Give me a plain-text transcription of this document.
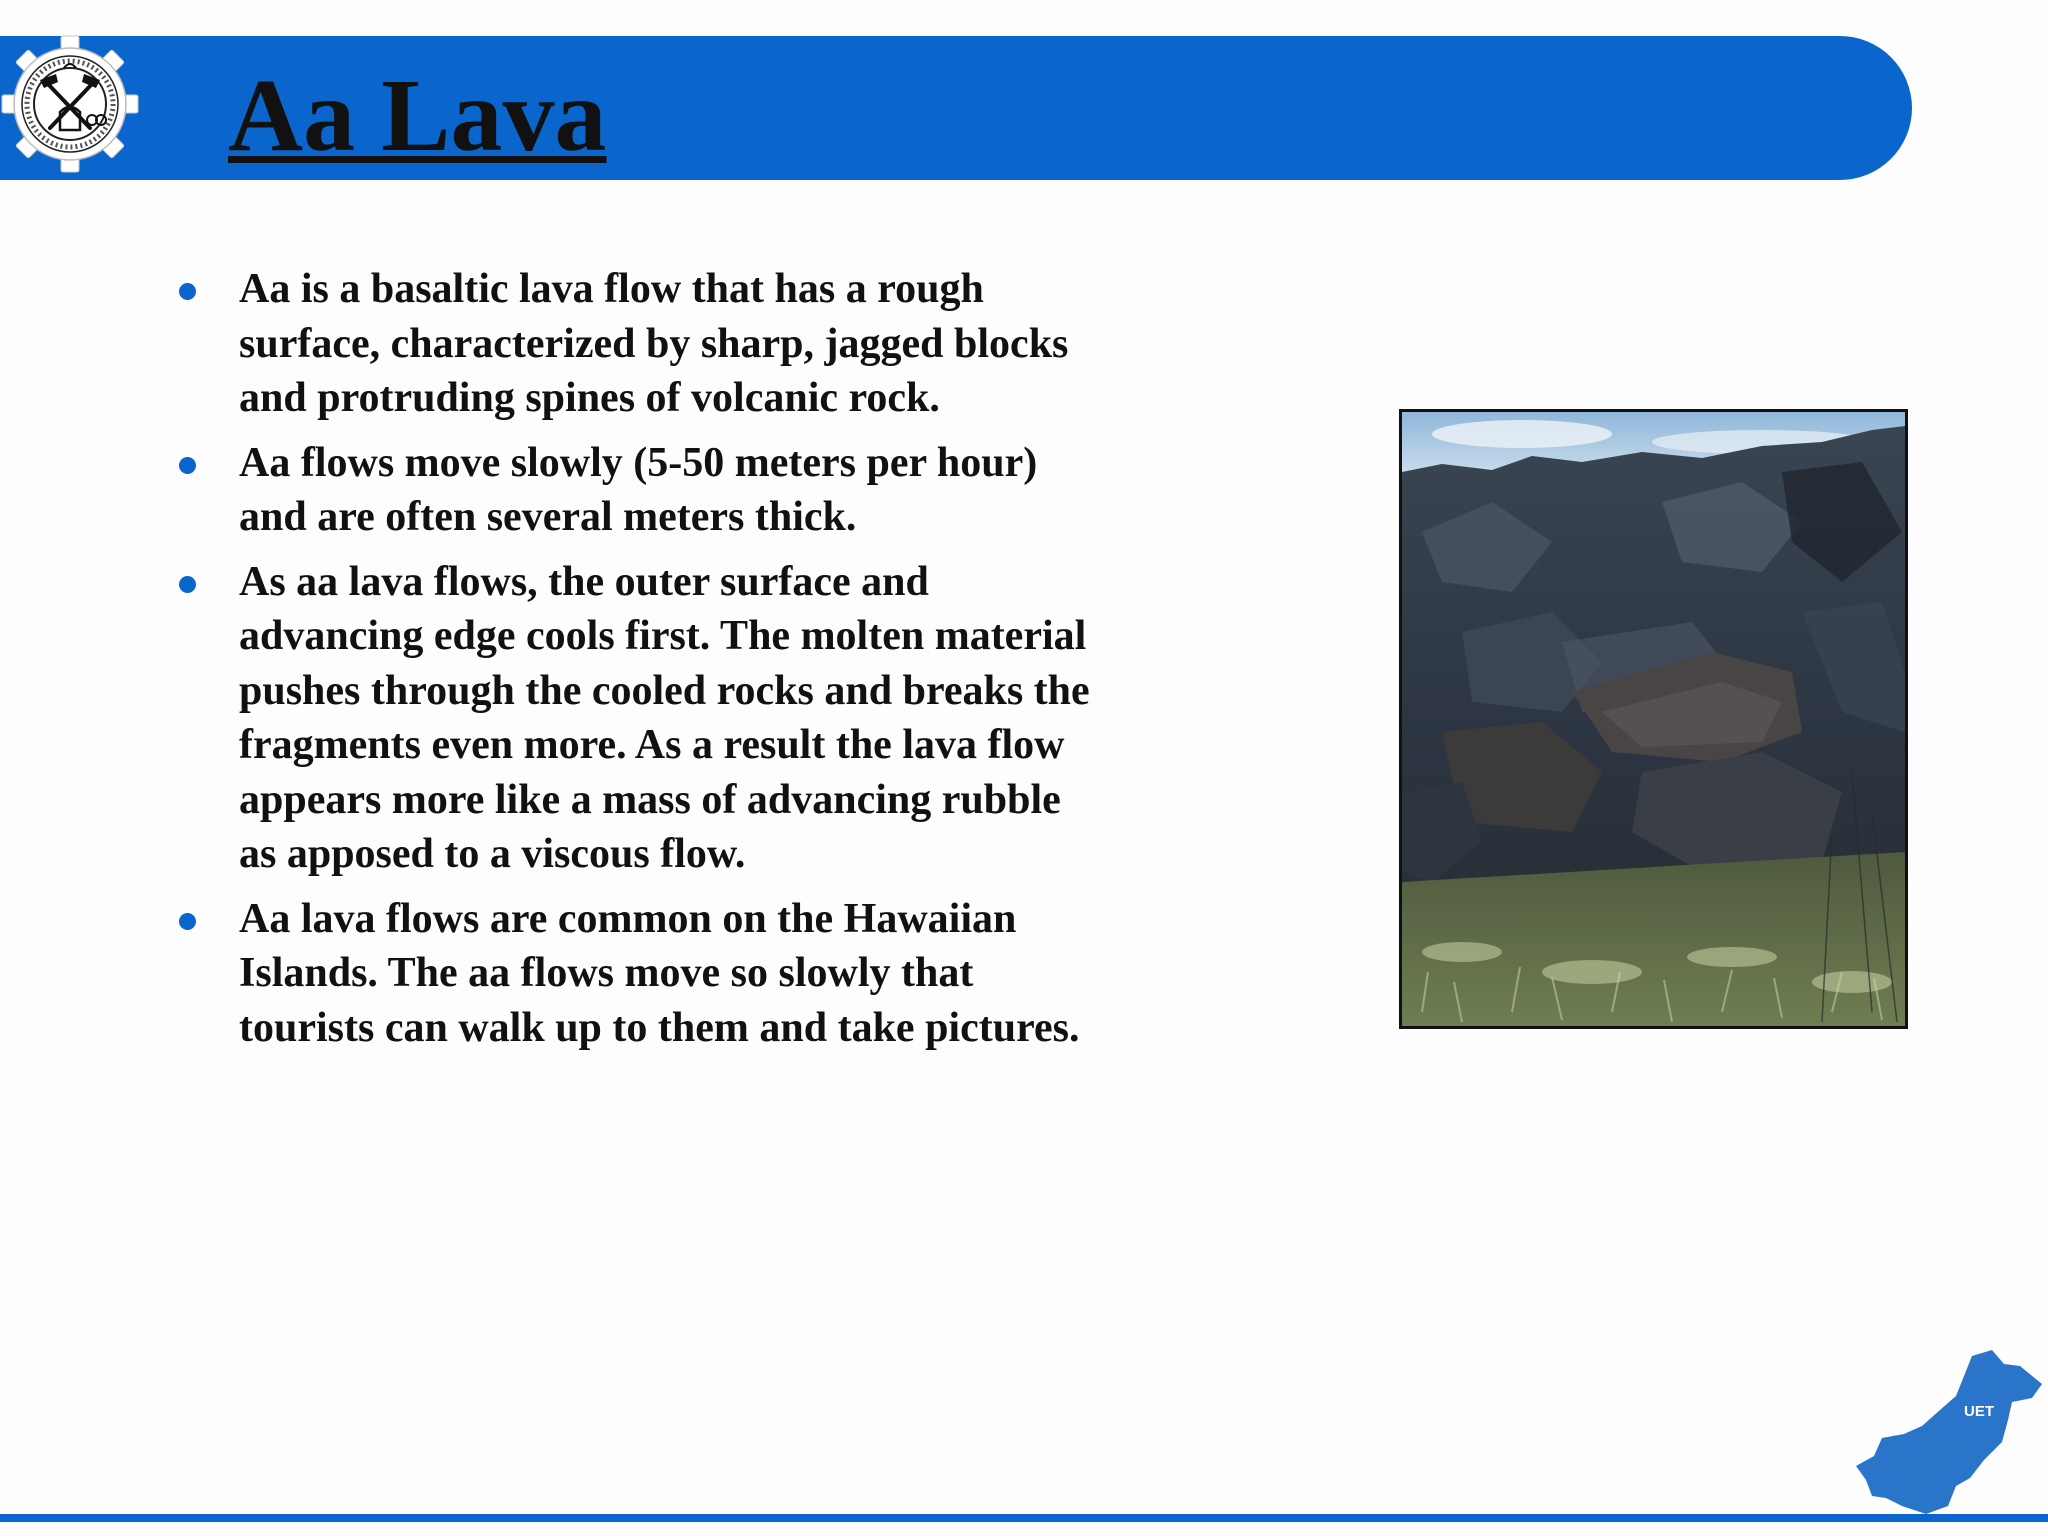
Aa Lava
Aa is a basaltic lava flow that has a rough
surface, characterized by sharp, jagged blocks
and protruding spines of volcanic rock.
Aa flows move slowly (5-50 meters per hour)
and are often several meters thick.
As aa lava flows, the outer surface and
advancing edge cools first. The molten material
pushes through the cooled rocks and breaks the
fragments even more. As a result the lava flow
appears more like a mass of advancing rubble
as apposed to a viscous flow.
Aa lava flows are common on the Hawaiian
Islands. The aa flows move so slowly that
tourists can walk up to them and take pictures.
UET
